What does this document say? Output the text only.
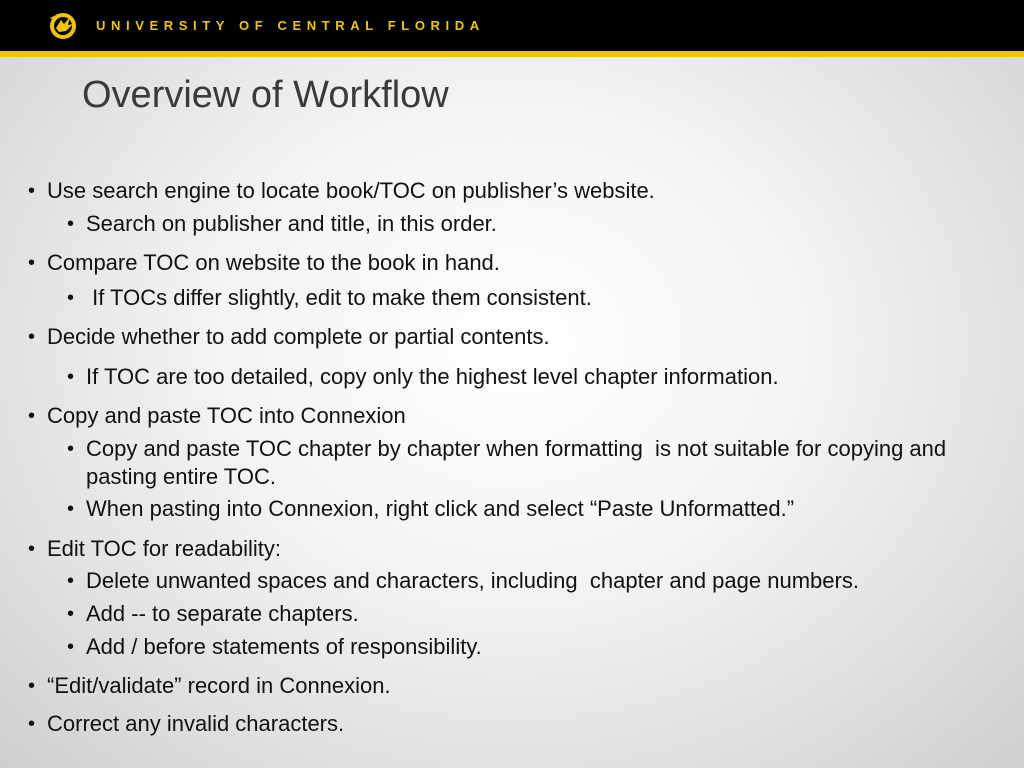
UNIVERSITY OF CENTRAL FLORIDA
Overview of Workflow
• Use search engine to locate book/TOC on publisher’s website.
• Search on publisher and title, in this order.
• Compare TOC on website to the book in hand.
• If TOCs differ slightly, edit to make them consistent.
• Decide whether to add complete or partial contents.
• If TOC are too detailed, copy only the highest level chapter information.
• Copy and paste TOC into Connexion
• Copy and paste TOC chapter by chapter when formatting  is not suitable for copying and pasting entire TOC.
• When pasting into Connexion, right click and select “Paste Unformatted.”
• Edit TOC for readability:
• Delete unwanted spaces and characters, including  chapter and page numbers.
• Add -- to separate chapters.
• Add / before statements of responsibility.
• “Edit/validate” record in Connexion.
• Correct any invalid characters.
